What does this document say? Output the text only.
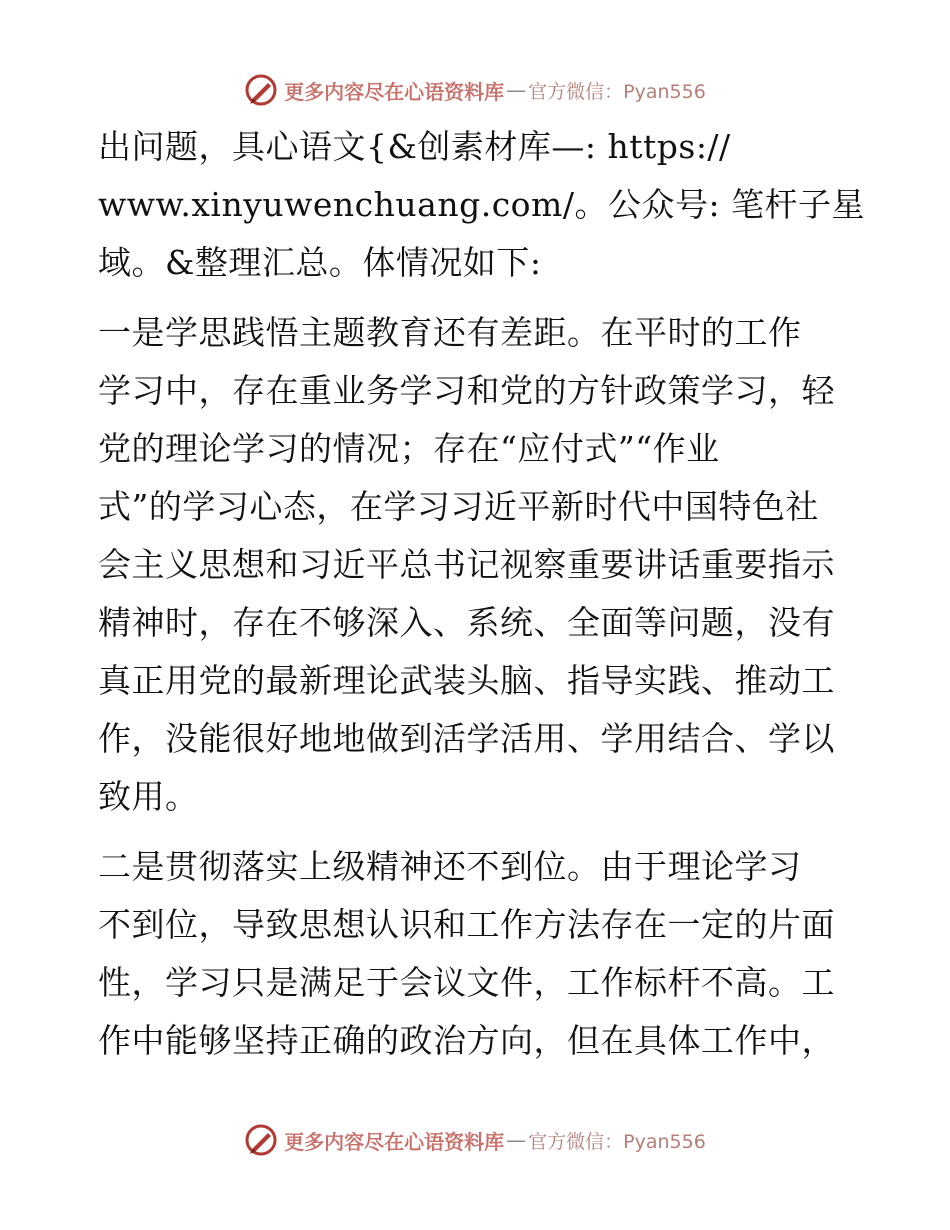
更多内容尽在心语资料库 — 官方微信：Pyan556
出问题，具心语文{&创素材库—: https://
www.xinyuwenchuang.com/。公众号: 笔杆子星
域。&整理汇总。体情况如下:
一是学思践悟主题教育还有差距。在平时的工作
学习中，存在重业务学习和党的方针政策学习，轻
党的理论学习的情况；存在“应付式”“作业
式”的学习心态，在学习习近平新时代中国特色社
会主义思想和习近平总书记视察重要讲话重要指示
精神时，存在不够深入、系统、全面等问题，没有
真正用党的最新理论武装头脑、指导实践、推动工
作，没能很好地地做到活学活用、学用结合、学以
致用。
二是贯彻落实上级精神还不到位。由于理论学习
不到位，导致思想认识和工作方法存在一定的片面
性，学习只是满足于会议文件，工作标杆不高。工
作中能够坚持正确的政治方向，但在具体工作中，
更多内容尽在心语资料库 — 官方微信：Pyan556
